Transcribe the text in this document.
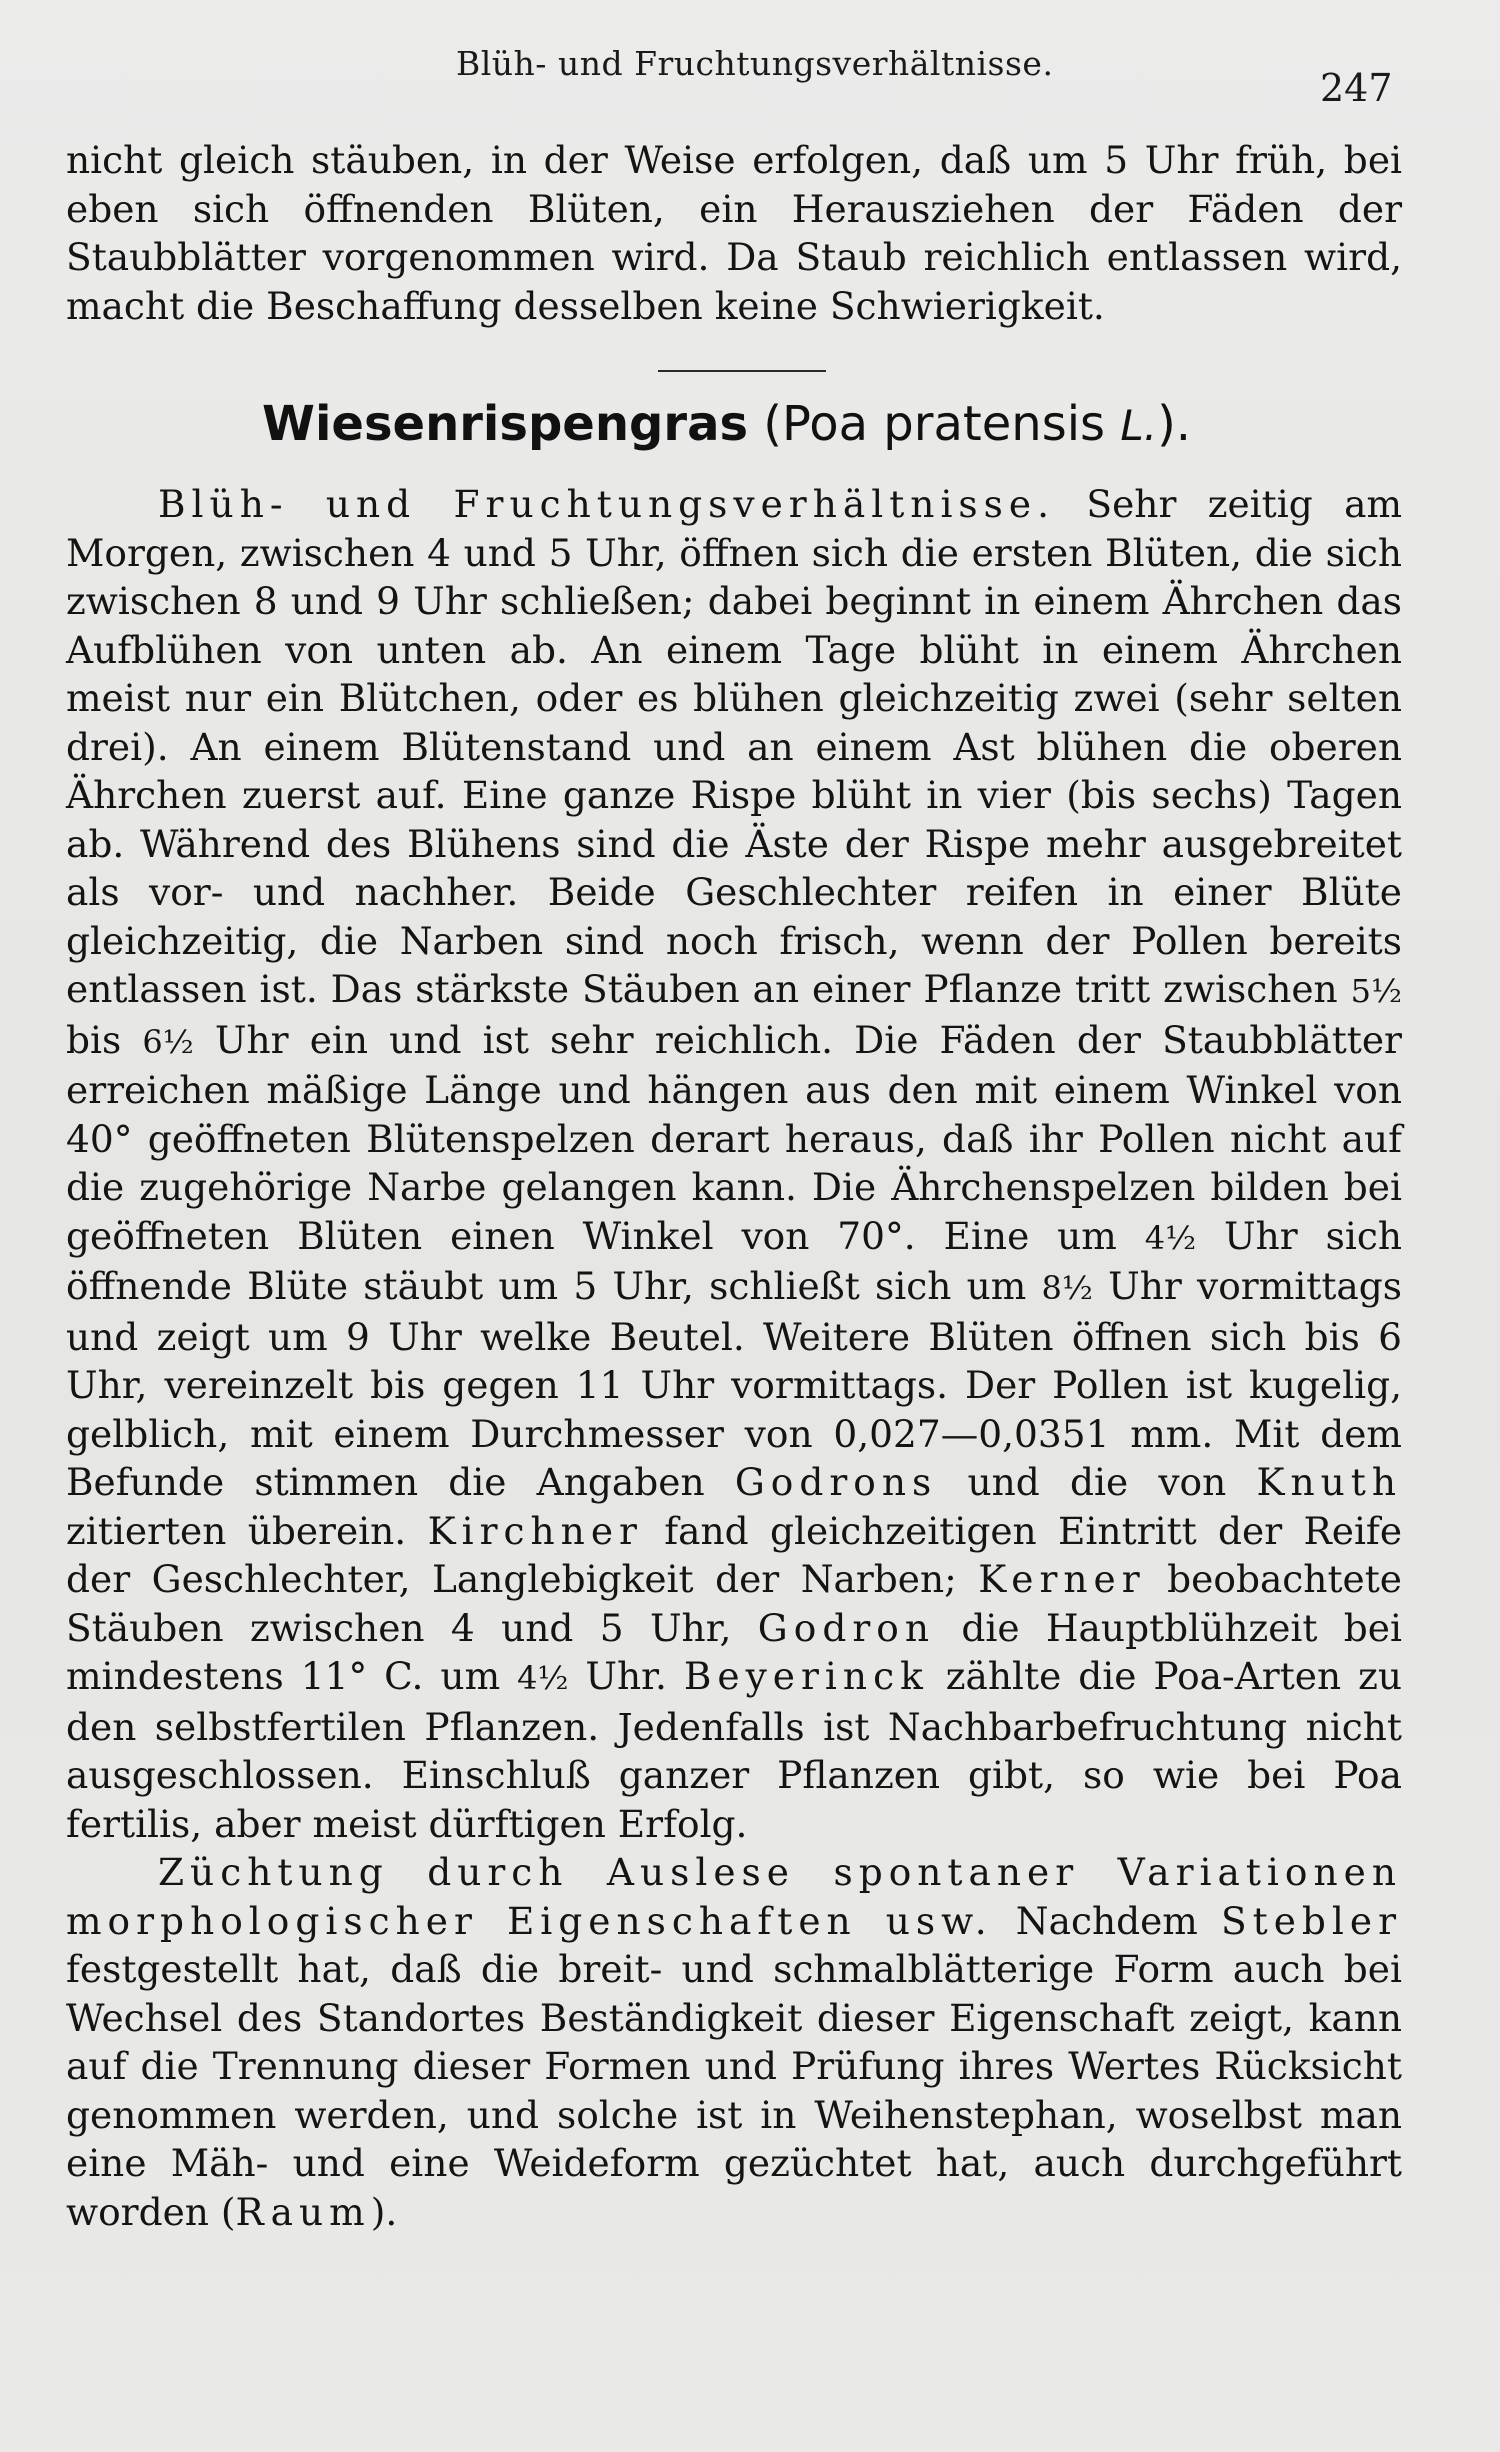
Blüh- und Fruchtungsverhältnisse.
247

nicht gleich stäuben, in der Weise erfolgen, daß um 5 Uhr früh, bei eben sich öffnenden Blüten, ein Herausziehen der Fäden der Staubblätter vorgenommen wird. Da Staub reichlich entlassen wird, macht die Beschaffung desselben keine Schwierigkeit.

Wiesenrispengras (Poa pratensis L.).

Blüh- und Fruchtungsverhältnisse. Sehr zeitig am Morgen, zwischen 4 und 5 Uhr, öffnen sich die ersten Blüten, die sich zwischen 8 und 9 Uhr schließen; dabei beginnt in einem Ährchen das Aufblühen von unten ab. An einem Tage blüht in einem Ährchen meist nur ein Blütchen, oder es blühen gleichzeitig zwei (sehr selten drei). An einem Blütenstand und an einem Ast blühen die oberen Ährchen zuerst auf. Eine ganze Rispe blüht in vier (bis sechs) Tagen ab. Während des Blühens sind die Äste der Rispe mehr ausgebreitet als vor- und nachher. Beide Geschlechter reifen in einer Blüte gleichzeitig, die Narben sind noch frisch, wenn der Pollen bereits entlassen ist. Das stärkste Stäuben an einer Pflanze tritt zwischen 5½ bis 6½ Uhr ein und ist sehr reichlich. Die Fäden der Staubblätter erreichen mäßige Länge und hängen aus den mit einem Winkel von 40° geöffneten Blütenspelzen derart heraus, daß ihr Pollen nicht auf die zugehörige Narbe gelangen kann. Die Ährchenspelzen bilden bei geöffneten Blüten einen Winkel von 70°. Eine um 4½ Uhr sich öffnende Blüte stäubt um 5 Uhr, schließt sich um 8½ Uhr vormittags und zeigt um 9 Uhr welke Beutel. Weitere Blüten öffnen sich bis 6 Uhr, vereinzelt bis gegen 11 Uhr vormittags. Der Pollen ist kugelig, gelblich, mit einem Durchmesser von 0,027—0,0351 mm. Mit dem Befunde stimmen die Angaben Godrons und die von Knuth zitierten überein. Kirchner fand gleichzeitigen Eintritt der Reife der Geschlechter, Langlebigkeit der Narben; Kerner beobachtete Stäuben zwischen 4 und 5 Uhr, Godron die Hauptblühzeit bei mindestens 11° C. um 4½ Uhr. Beyerinck zählte die Poa-Arten zu den selbstfertilen Pflanzen. Jedenfalls ist Nachbarbefruchtung nicht ausgeschlossen. Einschluß ganzer Pflanzen gibt, so wie bei Poa fertilis, aber meist dürftigen Erfolg.

Züchtung durch Auslese spontaner Variationen morphologischer Eigenschaften usw. Nachdem Stebler festgestellt hat, daß die breit- und schmalblätterige Form auch bei Wechsel des Standortes Beständigkeit dieser Eigenschaft zeigt, kann auf die Trennung dieser Formen und Prüfung ihres Wertes Rücksicht genommen werden, und solche ist in Weihenstephan, woselbst man eine Mäh- und eine Weideform gezüchtet hat, auch durchgeführt worden (Raum).
